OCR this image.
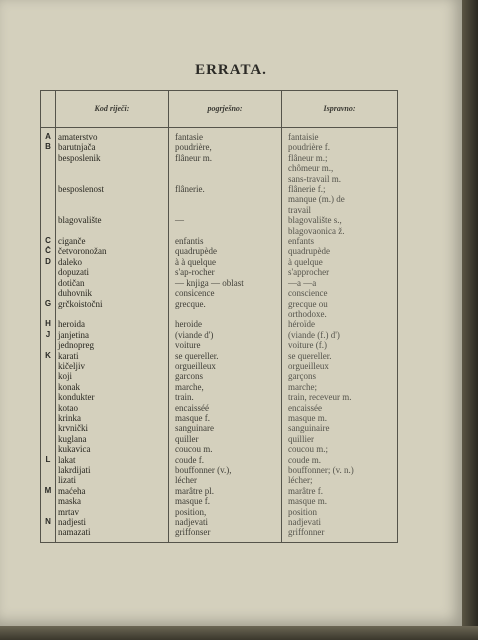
ERRATA.
	Kod riječi:	pogrješno:	Ispravno:
A	amaterstvo	fantasie	fantaisie
B	barutnjača	poudrière,	poudrière f.
	besposlenik	flâneur m.	flâneur m.;
			chômeur m.,
			sans-travail m.
	besposlenost	flânerie.	flânerie f.;
			manque (m.) de
			travail
	blagovalište	—	blagovalište s.,
			blagovaonica ž.
C	ciganče	enfantis	enfants
Č	četvoronožan	quadrupède	quadrupède
D	daleko	à à quelque	à quelque
	dopuzati	s'ap-rocher	s'approcher
	dotičan	— knjiga — oblast	—a —a
	duhovnik	consicence	conscience
G	grčkoistočni	grecque.	grecque ou
			orthodoxe.
H	heroida	heroide	héroïde
J	janjetina	(viande d')	(viande (f.) d')
	jednopreg	voiture	voiture (f.)
K	karati	se quereller.	se quereller.
	kičeljiv	orgueilleux	orgueilleux
	koji	garcons	garçons
	konak	marche,	marche;
	kondukter	train.	train, receveur m.
	kotao	encaisséé	encaissée
	krinka	masque f.	masque m.
	krvnički	sanguinare	sanguinaire
	kuglana	quiller	quillier
	kukavica	coucou m.	coucou m.;
L	lakat	coude f.	coude m.
	lakrdijati	bouffonner (v.),	bouffonner; (v. n.)
	lizati	lécher	lécher;
M	maćeha	marâtre pl.	marâtre f.
	maska	masque f.	masque m.
	mrtav	position,	position
N	nadjesti	nadjevati	nadjevati
	namazati	griffonser	griffonner
